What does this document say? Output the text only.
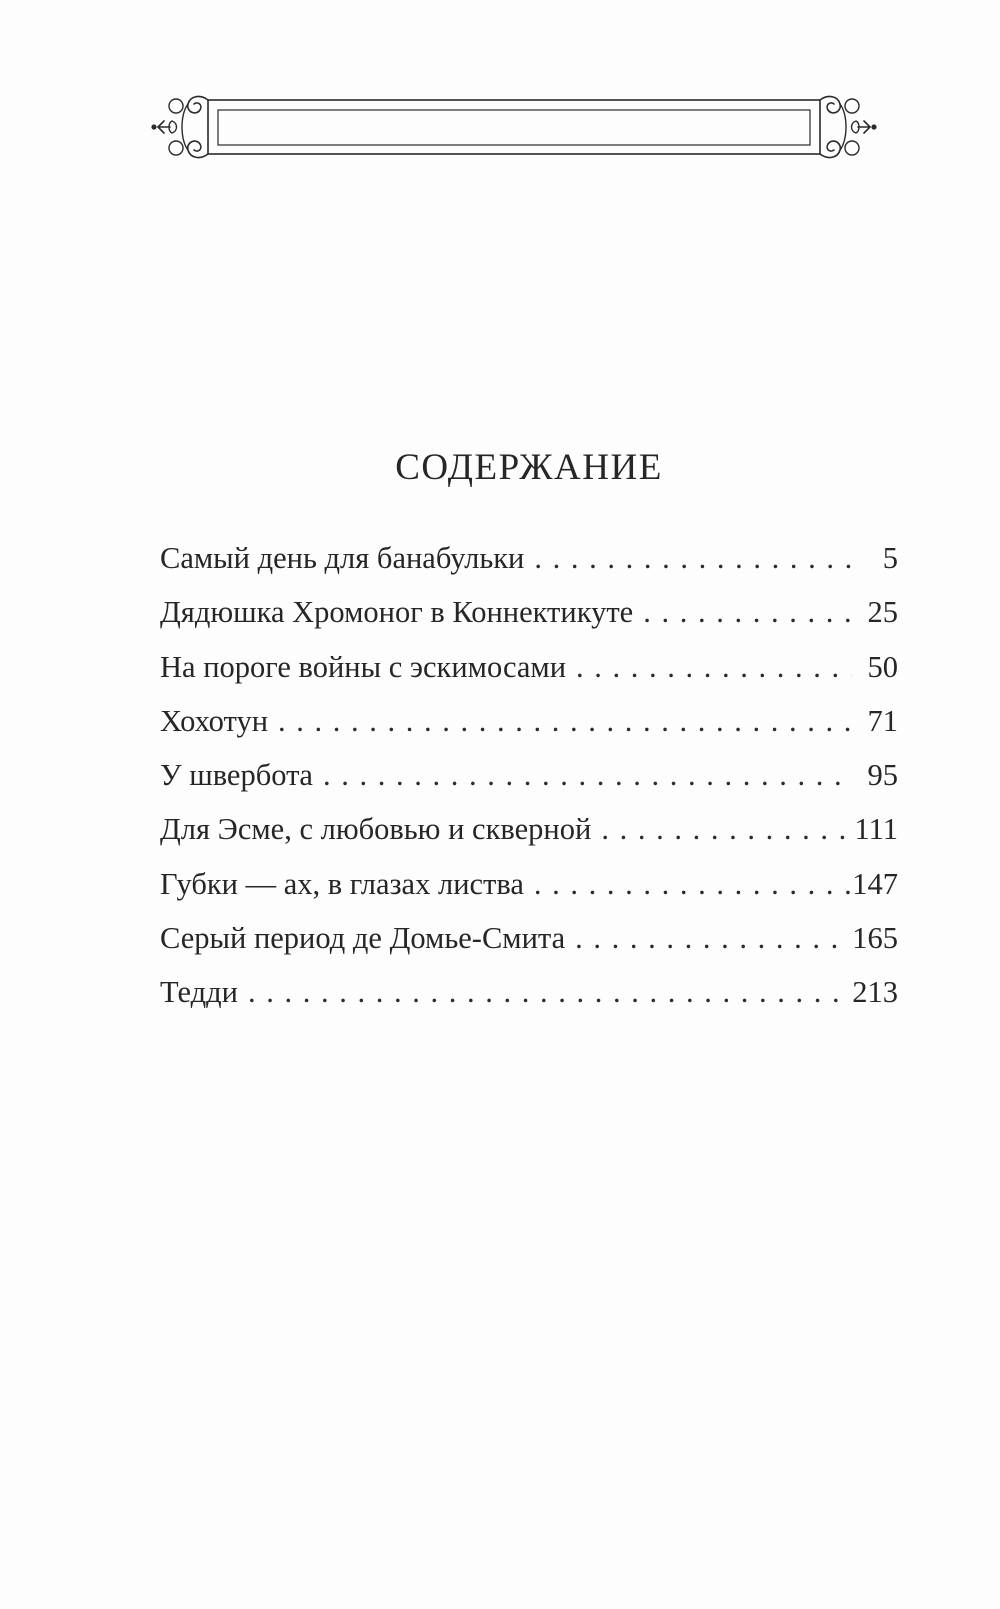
СОДЕРЖАНИЕ
Самый день для банабульки . . .	5
Дядюшка Хромоног в Коннектикуте . . .	25
На пороге войны с эскимосами . . .	50
Хохотун . . .	71
У шверботa . . .	95
Для Эсме, с любовью и скверной . . .	111
Губки — ах, в глазах листва . . .	147
Серый период де Домье-Смита . . .	165
Тедди . . .	213
